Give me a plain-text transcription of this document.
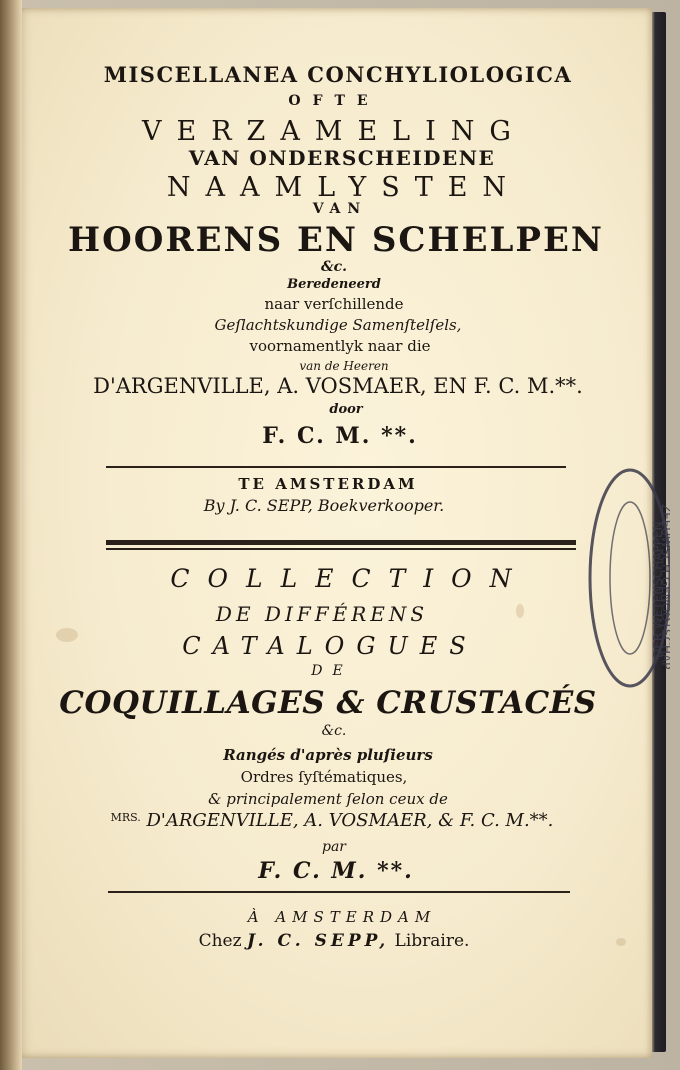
MISCELLANEA CONCHYLIOLOGICA
OFTE
VERZAMELING
VAN ONDERSCHEIDENE
NAAMLYSTEN
VAN
HOORENS EN SCHELPEN
&c.
Beredeneerd
naar verſchillende
Geſlachtskundige Samenſtelſels,
voornamentlyk naar die
van de Heeren
D'ARGENVILLE, A. VOSMAER, EN F. C. M.**.
door
F. C. M. **.
TE AMSTERDAM
By J. C. SEPP, Boekverkooper.
COLLECTION
DE DIFFÉRENS
CATALOGUES
DE
COQUILLAGES & CRUSTACÉS
&c.
Rangés d'après pluſieurs
Ordres ſyſtématiques,
& principalement ſelon ceux de
$^{MRS.}$ D'ARGENVILLE, A. VOSMAER, & F. C. M.**.
par
F. C. M. **.
À AMSTERDAM
Chez J. C. SEPP, Libraire.
ZEEUWSCH GENOOTSCHAP
DER WETENSCHAPPEN
